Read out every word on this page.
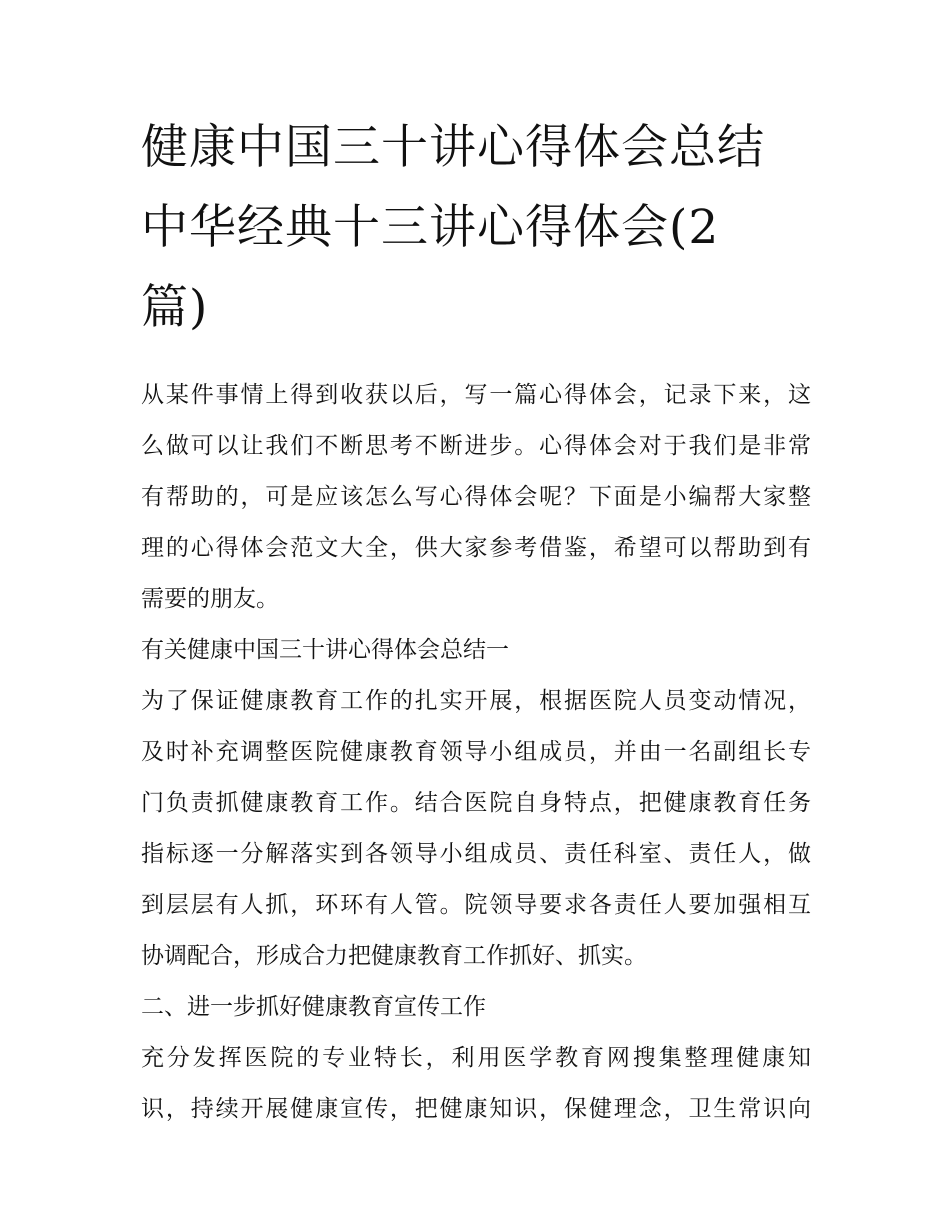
健康中国三十讲心得体会总结
中华经典十三讲心得体会(2
篇)

从某件事情上得到收获以后，写一篇心得体会，记录下来，这
么做可以让我们不断思考不断进步。心得体会对于我们是非常
有帮助的，可是应该怎么写心得体会呢？下面是小编帮大家整
理的心得体会范文大全，供大家参考借鉴，希望可以帮助到有
需要的朋友。

有关健康中国三十讲心得体会总结一

为了保证健康教育工作的扎实开展，根据医院人员变动情况，
及时补充调整医院健康教育领导小组成员，并由一名副组长专
门负责抓健康教育工作。结合医院自身特点，把健康教育任务
指标逐一分解落实到各领导小组成员、责任科室、责任人，做
到层层有人抓，环环有人管。院领导要求各责任人要加强相互
协调配合，形成合力把健康教育工作抓好、抓实。

二、进一步抓好健康教育宣传工作

充分发挥医院的专业特长，利用医学教育网搜集整理健康知
识，持续开展健康宣传，把健康知识，保健理念，卫生常识向
